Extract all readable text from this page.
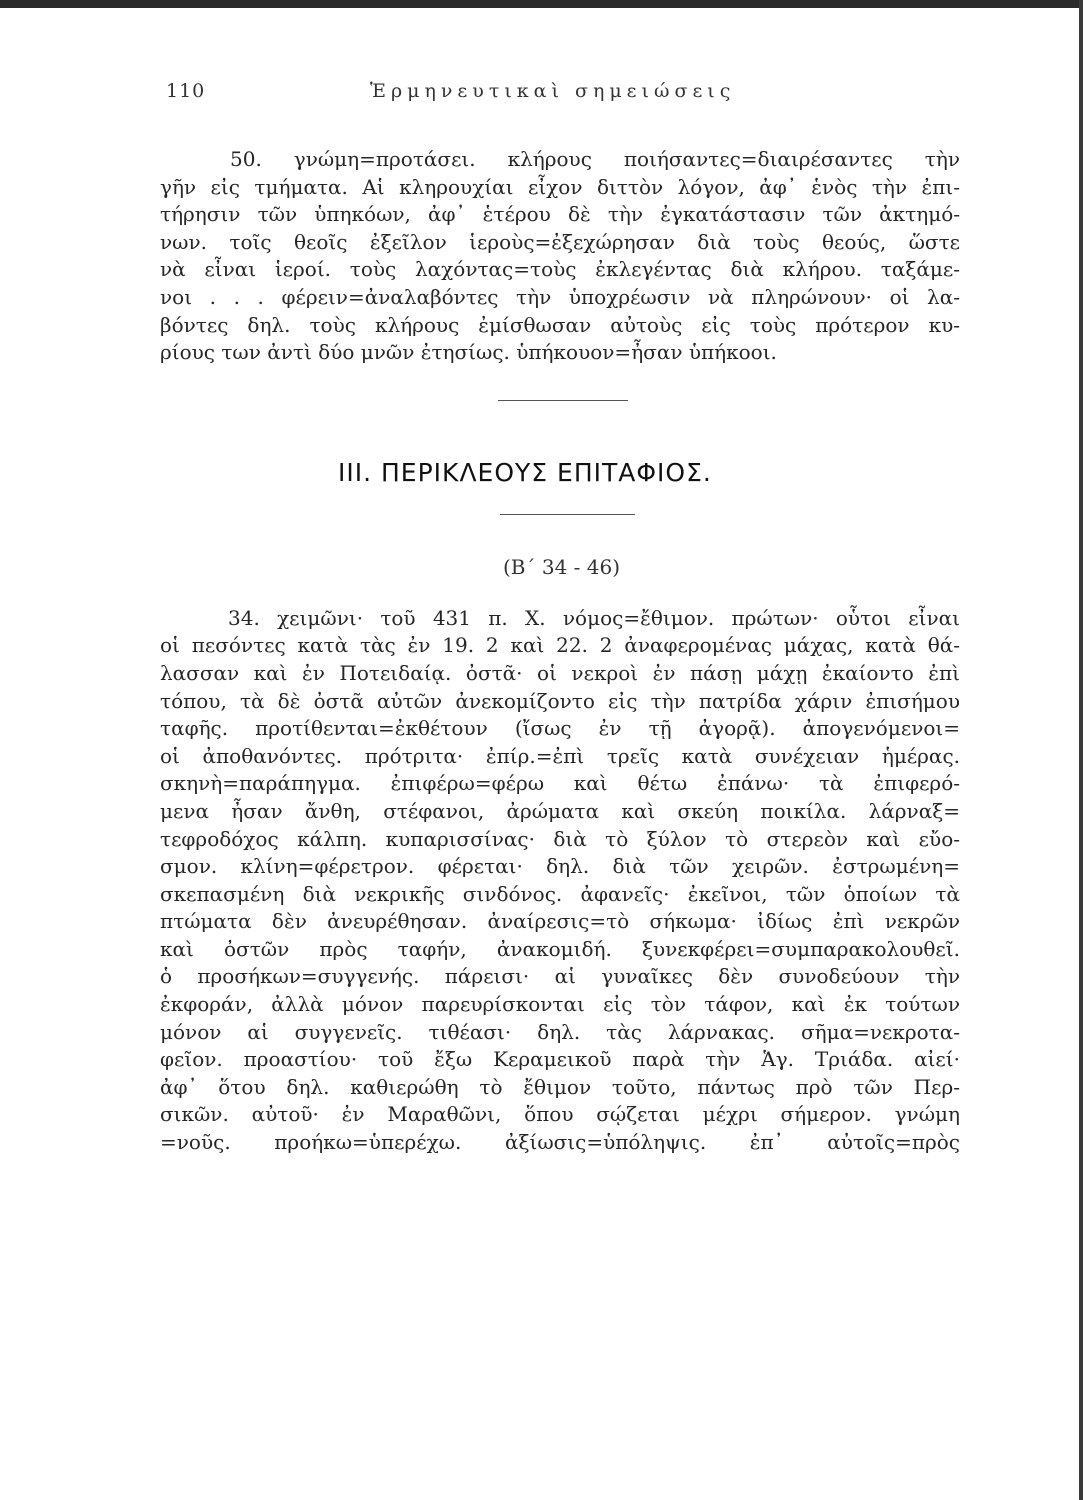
110	Ἑρμηνευτικαὶ σημειώσεις
50. γνώμη=προτάσει. κλήρους ποιήσαντες=διαιρέσαντες τὴν
γῆν εἰς τμήματα. Αἱ κληρουχίαι εἶχον διττὸν λόγον, ἀφ᾽ ἑνὸς τὴν ἐπι-
τήρησιν τῶν ὑπηκόων, ἀφ᾽ ἑτέρου δὲ τὴν ἐγκατάστασιν τῶν ἀκτημό-
νων. τοῖς θεοῖς ἐξεῖλον ἱεροὺς=ἐξεχώρησαν διὰ τοὺς θεούς, ὥστε
νὰ εἶναι ἱεροί. τοὺς λαχόντας=τοὺς ἐκλεγέντας διὰ κλήρου. ταξάμε-
νοι . . . φέρειν=ἀναλαβόντες τὴν ὑποχρέωσιν νὰ πληρώνουν· οἱ λα-
βόντες δηλ. τοὺς κλήρους ἐμίσθωσαν αὐτοὺς εἰς τοὺς πρότερον κυ-
ρίους των ἀντὶ δύο μνῶν ἐτησίως. ὑπήκουον=ἦσαν ὑπήκοοι.
III. ΠΕΡΙΚΛΕΟΥΣ ΕΠΙΤΑΦΙΟΣ.
(Β΄ 34 - 46)
34. χειμῶνι· τοῦ 431 π. Χ. νόμος=ἔθιμον. πρώτων· οὗτοι εἶναι
οἱ πεσόντες κατὰ τὰς ἐν 19. 2 καὶ 22. 2 ἀναφερομένας μάχας, κατὰ θά-
λασσαν καὶ ἐν Ποτειδαίᾳ. ὀστᾶ· οἱ νεκροὶ ἐν πάσῃ μάχῃ ἐκαίοντο ἐπὶ
τόπου, τὰ δὲ ὀστᾶ αὐτῶν ἀνεκομίζοντο εἰς τὴν πατρίδα χάριν ἐπισήμου
ταφῆς. προτίθενται=ἐκθέτουν (ἴσως ἐν τῇ ἀγορᾷ). ἀπογενόμενοι=
οἱ ἀποθανόντες. πρότριτα· ἐπίρ.=ἐπὶ τρεῖς κατὰ συνέχειαν ἡμέρας.
σκηνὴ=παράπηγμα. ἐπιφέρω=φέρω καὶ θέτω ἐπάνω· τὰ ἐπιφερό-
μενα ἦσαν ἄνθη, στέφανοι, ἀρώματα καὶ σκεύη ποικίλα. λάρναξ=
τεφροδόχος κάλπη. κυπαρισσίνας· διὰ τὸ ξύλον τὸ στερεὸν καὶ εὔο-
σμον. κλίνη=φέρετρον. φέρεται· δηλ. διὰ τῶν χειρῶν. ἐστρωμένη=
σκεπασμένη διὰ νεκρικῆς σινδόνος. ἀφανεῖς· ἐκεῖνοι, τῶν ὁποίων τὰ
πτώματα δὲν ἀνευρέθησαν. ἀναίρεσις=τὸ σήκωμα· ἰδίως ἐπὶ νεκρῶν
καὶ ὀστῶν πρὸς ταφήν, ἀνακομιδή. ξυνεκφέρει=συμπαρακολουθεῖ.
ὁ προσήκων=συγγενής. πάρεισι· αἱ γυναῖκες δὲν συνοδεύουν τὴν
ἐκφοράν, ἀλλὰ μόνον παρευρίσκονται εἰς τὸν τάφον, καὶ ἐκ τούτων
μόνον αἱ συγγενεῖς. τιθέασι· δηλ. τὰς λάρνακας. σῆμα=νεκροτα-
φεῖον. προαστίου· τοῦ ἔξω Κεραμεικοῦ παρὰ τὴν Ἁγ. Τριάδα. αἰεί·
ἀφ᾽ ὅτου δηλ. καθιερώθη τὸ ἔθιμον τοῦτο, πάντως πρὸ τῶν Περ-
σικῶν. αὐτοῦ· ἐν Μαραθῶνι, ὅπου σῴζεται μέχρι σήμερον. γνώμη
=νοῦς. προήκω=ὑπερέχω. ἀξίωσις=ὑπόληψις. ἐπ᾽ αὐτοῖς=πρὸς
